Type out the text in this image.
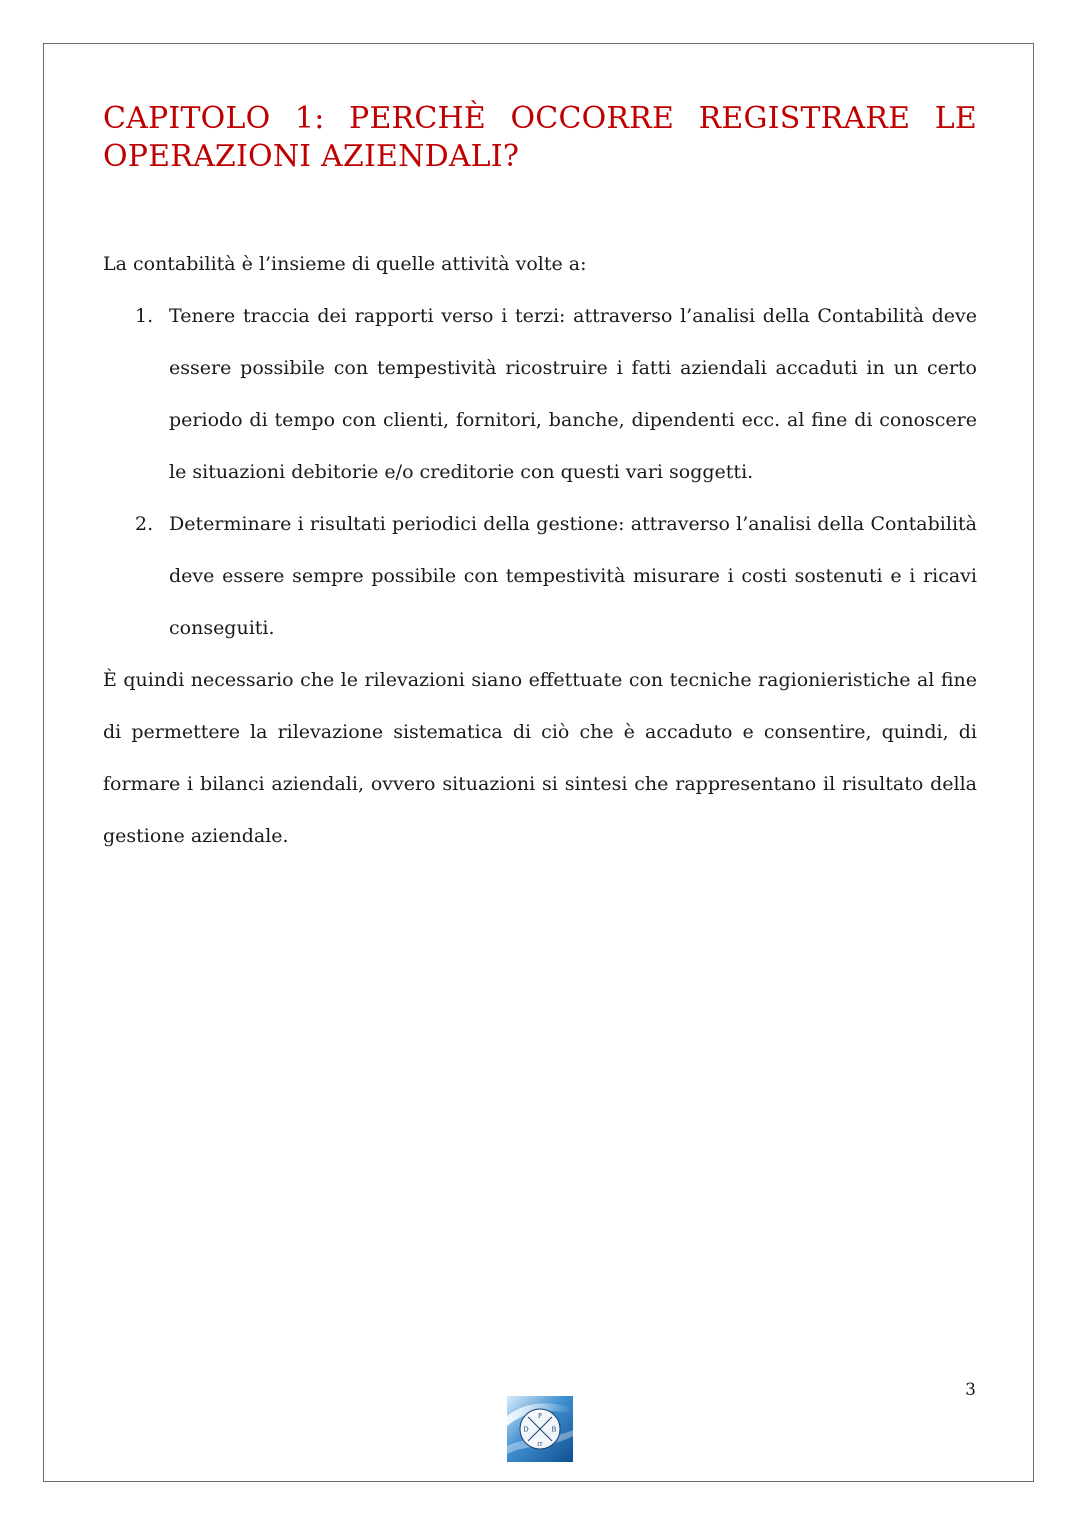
CAPITOLO 1: PERCHÈ OCCORRE REGISTRARE LE OPERAZIONI AZIENDALI?

La contabilità è l’insieme di quelle attività volte a:

1. Tenere traccia dei rapporti verso i terzi: attraverso l’analisi della Contabilità deve essere possibile con tempestività ricostruire i fatti aziendali accaduti in un certo periodo di tempo con clienti, fornitori, banche, dipendenti ecc. al fine di conoscere le situazioni debitorie e/o creditorie con questi vari soggetti.
2. Determinare i risultati periodici della gestione: attraverso l’analisi della Contabilità deve essere sempre possibile con tempestività misurare i costi sostenuti e i ricavi conseguiti.

È quindi necessario che le rilevazioni siano effettuate con tecniche ragionieristiche al fine di permettere la rilevazione sistematica di ciò che è accaduto e consentire, quindi, di formare i bilanci aziendali, ovvero situazioni si sintesi che rappresentano il risultato della gestione aziendale.

3
P
D	B
IT
